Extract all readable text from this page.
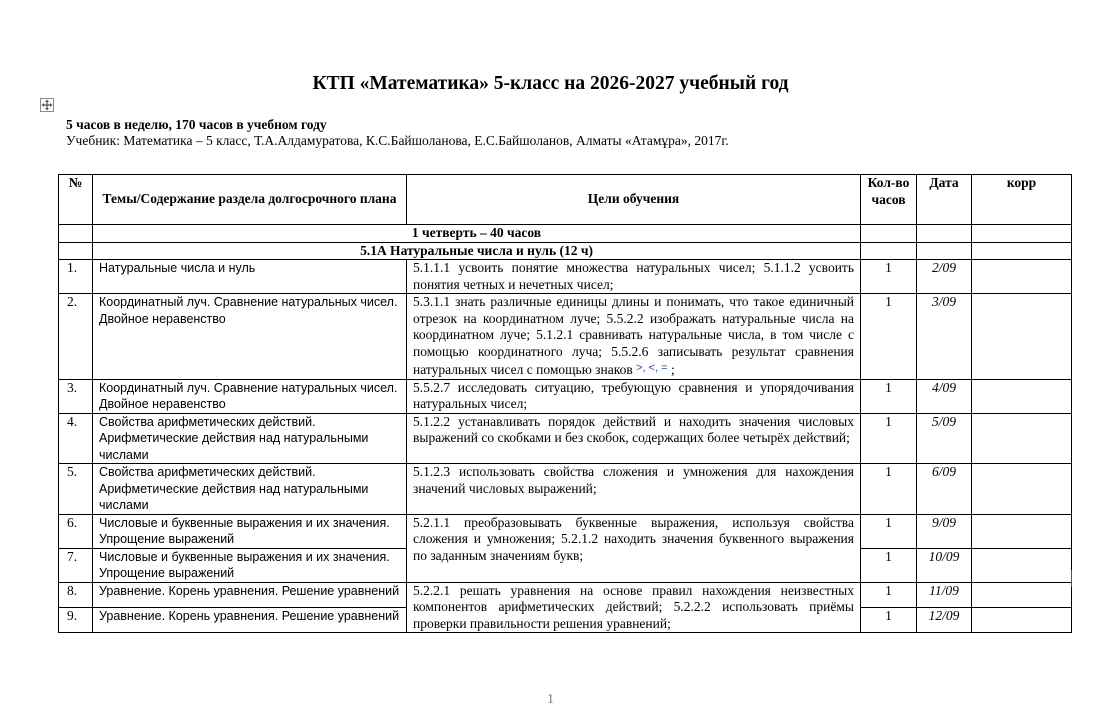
КТП «Математика» 5-класс на 2026-2027 учебный год
5 часов в неделю, 170 часов в учебном году
Учебник: Математика – 5 класс, Т.А.Алдамуратова, К.С.Байшоланова, Е.С.Байшоланов, Алматы «Атамұра», 2017г.
№	Темы/Содержание раздела долгосрочного плана	Цели обучения	Кол-во часов	Дата	корр
	1 четверть – 40 часов				
	5.1А Натуральные числа и нуль (12 ч)				
1.	Натуральные числа и нуль	5.1.1.1 усвоить понятие множества натуральных чисел; 5.1.1.2 усвоить понятия четных и нечетных чисел;	1	2/09	
2.	Координатный луч. Сравнение натуральных чисел. Двойное неравенство	5.3.1.1 знать различные единицы длины и понимать, что такое единичный отрезок на координатном луче; 5.5.2.2 изображать натуральные числа на координатном луче; 5.1.2.1 сравнивать натуральные числа, в том числе с помощью координатного луча; 5.5.2.6 записывать результат сравнения натуральных чисел с помощью знаков >, <, = ;	1	3/09	
3.	Координатный луч. Сравнение натуральных чисел. Двойное неравенство	5.5.2.7 исследовать ситуацию, требующую сравнения и упорядочивания натуральных чисел;	1	4/09	
4.	Свойства арифметических действий. Арифметические действия над натуральными числами	5.1.2.2 устанавливать порядок действий и находить значения числовых выражений со скобками и без скобок, содержащих более четырёх действий;	1	5/09	
5.	Свойства арифметических действий. Арифметические действия над натуральными числами	5.1.2.3 использовать свойства сложения и умножения для нахождения значений числовых выражений;	1	6/09	
6.	Числовые и буквенные выражения и их значения. Упрощение выражений	5.2.1.1 преобразовывать буквенные выражения, используя свойства сложения и умножения; 5.2.1.2 находить значения буквенного выражения по заданным значениям букв;	1	9/09	
7.	Числовые и буквенные выражения и их значения. Упрощение выражений		1	10/09	
8.	Уравнение. Корень уравнения. Решение уравнений	5.2.2.1 решать уравнения на основе правил нахождения неизвестных компонентов арифметических действий; 5.2.2.2 использовать приёмы проверки правильности решения уравнений;	1	11/09	
9.	Уравнение. Корень уравнения. Решение уравнений		1	12/09	
1
